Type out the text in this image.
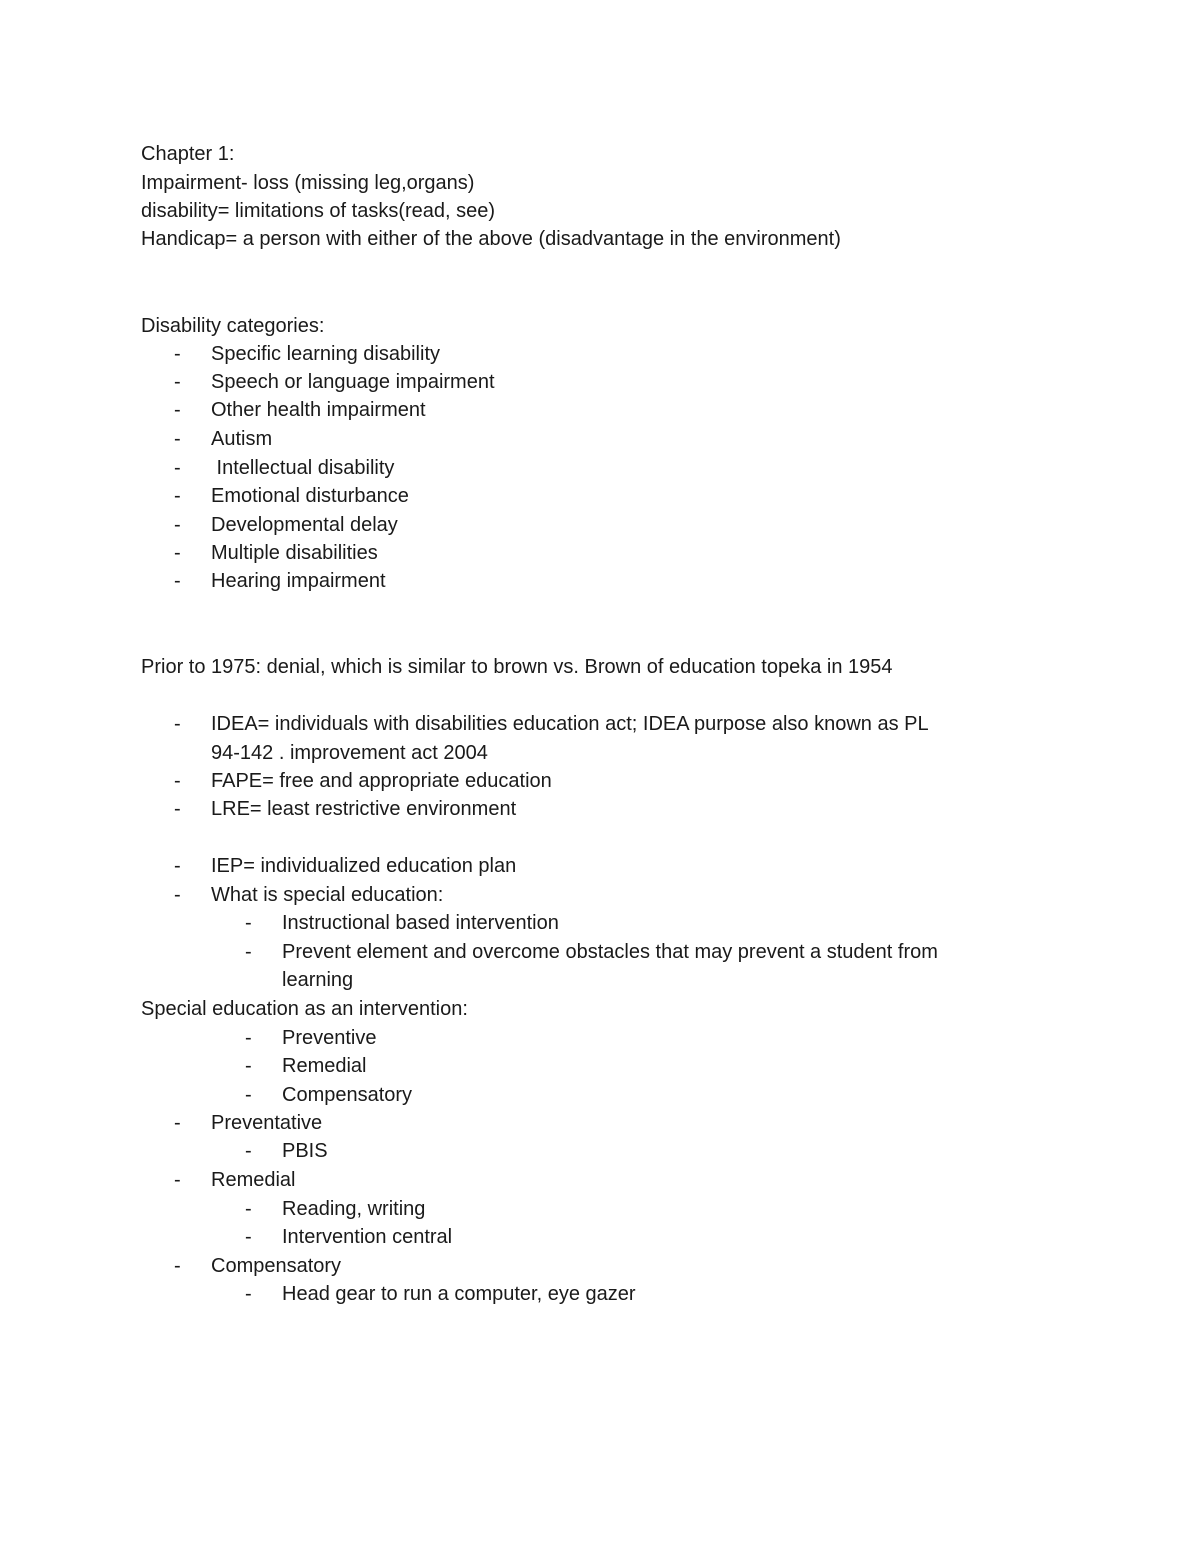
Chapter 1:
Impairment- loss (missing leg,organs)
disability= limitations of tasks(read, see)
Handicap= a person with either of the above (disadvantage in the environment)
Disability categories:
- Specific learning disability
- Speech or language impairment
- Other health impairment
- Autism
- Intellectual disability
- Emotional disturbance
- Developmental delay
- Multiple disabilities
- Hearing impairment
Prior to 1975: denial, which is similar to brown vs. Brown of education topeka in 1954
- IDEA= individuals with disabilities education act; IDEA purpose also known as PL
94-142 . improvement act 2004
- FAPE= free and appropriate education
- LRE= least restrictive environment
- IEP= individualized education plan
- What is special education:
- Instructional based intervention
- Prevent element and overcome obstacles that may prevent a student from
learning
Special education as an intervention:
- Preventive
- Remedial
- Compensatory
- Preventative
- PBIS
- Remedial
- Reading, writing
- Intervention central
- Compensatory
- Head gear to run a computer, eye gazer
